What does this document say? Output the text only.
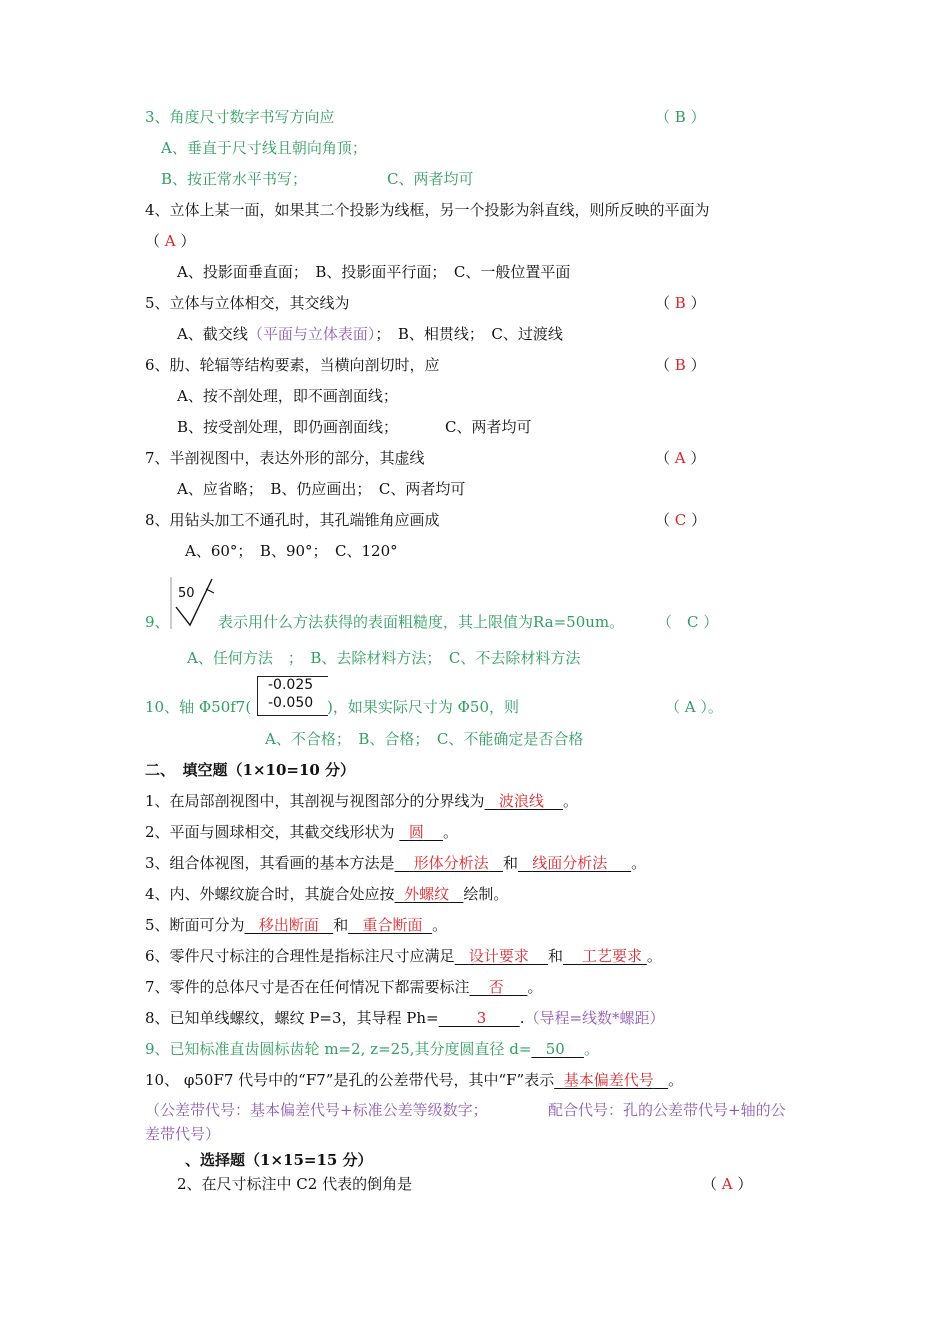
3、角度尺寸数字书写方向应	（ B ）
A、垂直于尺寸线且朝向角顶；
B、按正常水平书写；	C、两者均可
4、立体上某一面，如果其二个投影为线框，另一个投影为斜直线，则所反映的平面为
（ A ）
A、投影面垂直面；　B、投影面平行面；　C、一般位置平面
5、立体与立体相交，其交线为	（ B ）
A、截交线（平面与立体表面）；　B、相贯线；　C、过渡线
6、肋、轮辐等结构要素，当横向剖切时，应	（ B ）
A、按不剖处理，即不画剖面线；
B、按受剖处理，即仍画剖面线；	C、两者均可
7、半剖视图中，表达外形的部分，其虚线	（ A ）
A、应省略；　B、仍应画出；　C、两者均可
8、用钻头加工不通孔时，其孔端锥角应画成	（ C ）
A、60°；　B、90°；　C、120°
50
9、	表示用什么方法获得的表面粗糙度，其上限值为Ra=50um。 （　C ）
A、任何方法　；　B、去除材料方法；　C、不去除材料方法
10、轴 Φ50f7(
-0.025
-0.050 )，如果实际尺寸为 Φ50，则	（ A ）。
A、不合格；　B、合格；　C、不能确定是否合格
二、　填空题（1×10=10 分）
1、在局部剖视图中，其剖视与视图部分的分界线为 波浪线 。
2、平面与圆球相交，其截交线形状为   圆 。
3、组合体视图，其看画的基本方法是 形体分析法 和 线面分析法 。
4、内、外螺纹旋合时，其旋合处应按 外螺纹 绘制。
5、断面可分为 移出断面 和 重合断面 。
6、零件尺寸标注的合理性是指标注尺寸应满足 设计要求 和 工艺要求 。
7、零件的总体尺寸是否在任何情况下都需要标注 否 。
8、已知单线螺纹，螺纹 P=3，其导程 Ph=	3 .（导程=线数*螺距）
9、已知标准直齿圆标齿轮 m=2, z=25,其分度圆直径 d= 50 。
10、 φ50F7 代号中的“F7”是孔的公差带代号，其中“F”表示 基本偏差代号 。
（公差带代号：基本偏差代号+标准公差等级数字；	配合代号：孔的公差带代号+轴的公
差带代号）
、选择题（1×15=15 分）
2、在尺寸标注中 C2 代表的倒角是	（ A ）
